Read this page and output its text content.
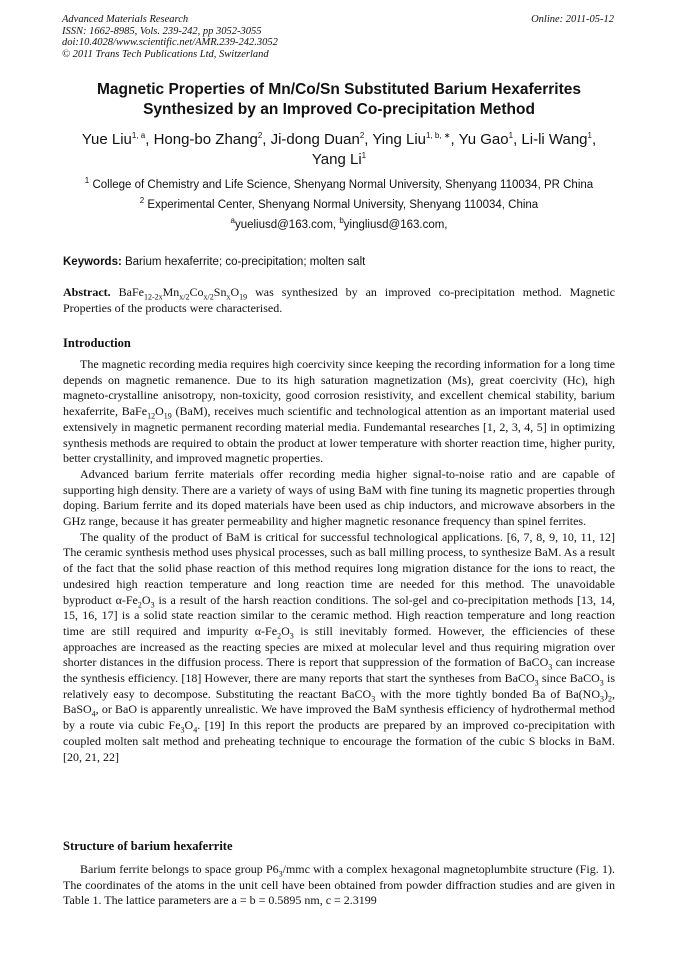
Advanced Materials Research
ISSN: 1662-8985, Vols. 239-242, pp 3052-3055
doi:10.4028/www.scientific.net/AMR.239-242.3052
© 2011 Trans Tech Publications Ltd, Switzerland
Online: 2011-05-12
Magnetic Properties of Mn/Co/Sn Substituted Barium Hexaferrites
Synthesized by an Improved Co-precipitation Method
Yue Liu$^{1, a}$, Hong-bo Zhang$^2$, Ji-dong Duan$^2$, Ying Liu$^{1, b, ∗}$, Yu Gao$^1$, Li-li Wang$^1$,
Yang Li$^1$
$^1$ College of Chemistry and Life Science, Shenyang Normal University, Shenyang 110034, PR China
$^2$ Experimental Center, Shenyang Normal University, Shenyang 110034, China
$^a$yueliusd@163.com, $^b$yingliusd@163.com,
Keywords: Barium hexaferrite; co-precipitation; molten salt
Abstract. $BaFe_{12-2x}Mn_{x/2}Co_{x/2}Sn_xO_{19}$ was synthesized by an improved co-precipitation method. Magnetic Properties of the products were characterised.
Introduction

The magnetic recording media requires high coercivity since keeping the recording information for a long time depends on magnetic remanence. Due to its high saturation magnetization (Ms), great coercivity (Hc), high magneto-crystalline anisotropy, non-toxicity, good corrosion resistivity, and excellent chemical stability, barium hexaferrite, $BaFe_{12}O_{19}$ (BaM), receives much scientific and technological attention as an important material used extensively in magnetic permanent recording material media. Fundemantal researches [1, 2, 3, 4, 5] in optimizing synthesis methods are required to obtain the product at lower temperature with shorter reaction time, higher purity, better crystallinity, and improved magnetic properties.

Advanced barium ferrite materials offer recording media higher signal-to-noise ratio and are capable of supporting high density. There are a variety of ways of using BaM with fine tuning its magnetic properties through doping. Barium ferrite and its doped materials have been used as chip inductors, and microwave absorbers in the GHz range, because it has greater permeability and higher magnetic resonance frequency than spinel ferrites.

The quality of the product of BaM is critical for successful technological applications. [6, 7, 8, 9, 10, 11, 12] The ceramic synthesis method uses physical processes, such as ball milling process, to synthesize BaM. As a result of the fact that the solid phase reaction of this method requires long migration distance for the ions to react, the undesired high reaction temperature and long reaction time are needed for this method. The unavoidable byproduct $\alpha-Fe_2O_3$ is a result of the harsh reaction conditions. The sol-gel and co-precipitation methods [13, 14, 15, 16, 17] is a solid state reaction similar to the ceramic method. High reaction temperature and long reaction time are still required and impurity $\alpha-Fe_2O_3$ is still inevitably formed. However, the efficiencies of these approaches are increased as the reacting species are mixed at molecular level and thus requiring migration over shorter distances in the diffusion process. There is report that suppression of the formation of BaCO$_3$ can increase the synthesis efficiency. [18] However, there are many reports that start the syntheses from BaCO$_3$ since BaCO$_3$ is relatively easy to decompose. Substituting the reactant BaCO$_3$ with the more tightly bonded Ba of $Ba(NO_3)_2$, BaSO$_4$, or BaO is apparently unrealistic. We have improved the BaM synthesis efficiency of hydrothermal method by a route via cubic $Fe_3O_4$. [19] In this report the products are prepared by an improved co-precipitation with coupled molten salt method and preheating technique to encourage the formation of the cubic S blocks in BaM. [20, 21, 22]

Structure of barium hexaferrite

Barium ferrite belongs to space group $P6_3$/mmc with a complex hexagonal magnetoplumbite structure (Fig. 1). The coordinates of the atoms in the unit cell have been obtained from powder diffraction studies and are given in Table 1. The lattice parameters are a = b = 0.5895 nm, c = 2.3199
